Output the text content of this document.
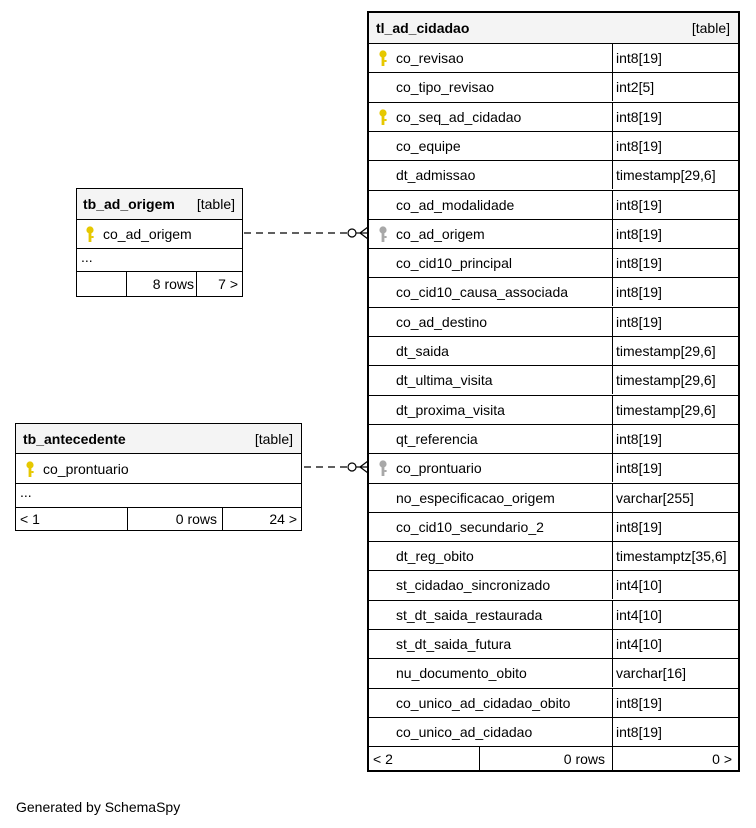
tb_ad_origem	[table]
co_ad_origem
...
8 rows 7 >
tb_antecedente	[table]
co_prontuario
...
< 1	0 rows	24 >
tl_ad_cidadao	[table]
co_revisao	int8[19]
co_tipo_revisao	int2[5]
co_seq_ad_cidadao	int8[19]
co_equipe	int8[19]
dt_admissao	timestamp[29,6]
co_ad_modalidade	int8[19]
co_ad_origem	int8[19]
co_cid10_principal	int8[19]
co_cid10_causa_associada	int8[19]
co_ad_destino	int8[19]
dt_saida	timestamp[29,6]
dt_ultima_visita	timestamp[29,6]
dt_proxima_visita	timestamp[29,6]
qt_referencia	int8[19]
co_prontuario	int8[19]
no_especificacao_origem	varchar[255]
co_cid10_secundario_2	int8[19]
dt_reg_obito	timestamptz[35,6]
st_cidadao_sincronizado	int4[10]
st_dt_saida_restaurada	int4[10]
st_dt_saida_futura	int4[10]
nu_documento_obito	varchar[16]
co_unico_ad_cidadao_obito	int8[19]
co_unico_ad_cidadao	int8[19]
< 2	0 rows	0 >
Generated by SchemaSpy
